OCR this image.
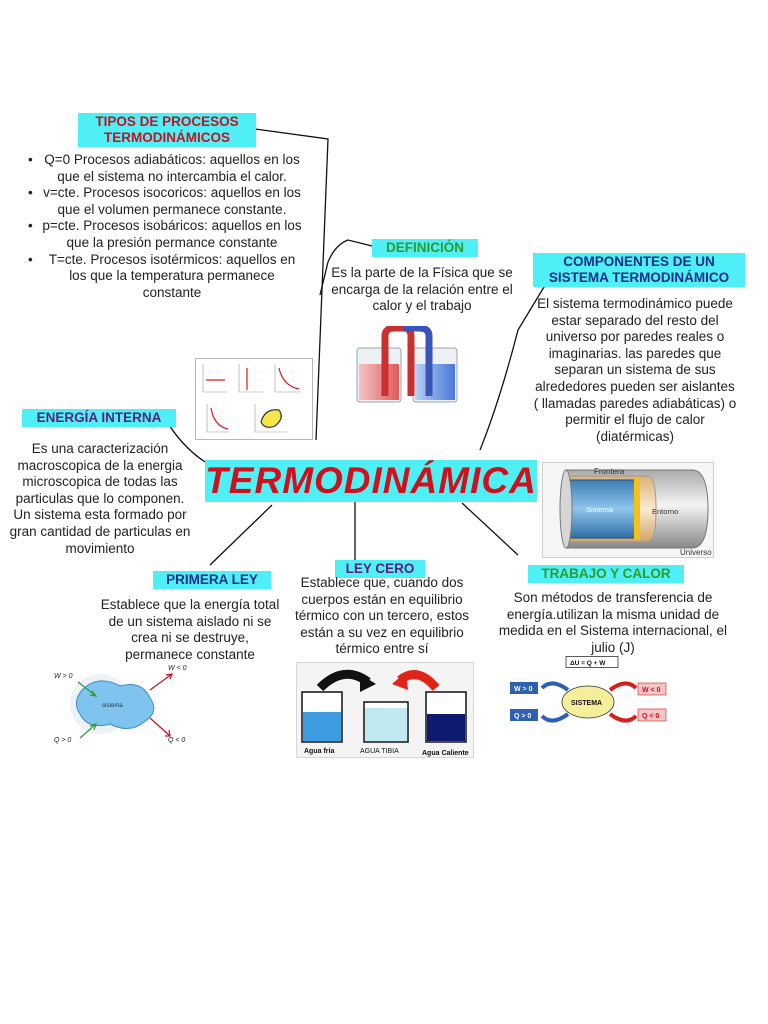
TIPOS DE PROCESOS TERMODINÁMICOS
• Q=0 Procesos adiabáticos: aquellos en los que el sistema no intercambia el calor.
• v=cte. Procesos isocoricos: aquellos en los que el volumen permanece constante.
• p=cte. Procesos isobáricos: aquellos en los que la presión permance constante
• T=cte. Procesos isotérmicos: aquellos en los que la temperatura permanece constante
DEFINICIÓN
Es la parte de la Física que se encarga de la relación entre el calor y el trabajo
COMPONENTES DE UN SISTEMA TERMODINÁMICO
El sistema termodinámico puede estar separado del resto del universo por paredes reales o imaginarias. las paredes que separan un sistema de sus alrededores pueden ser aislantes ( llamadas paredes adiabáticas) o permitir el flujo de calor (diatérmicas)
Frontera
Sistema	Entorno
Universo
ENERGÍA INTERNA
Es una caracterización macroscopica de la energia microscopica de todas las particulas que lo componen. Un sistema esta formado por gran cantidad de particulas en movimiento
TERMODINÁMICA
PRIMERA LEY
Establece que la energía total de un sistema aislado ni se crea ni se destruye, permanece constante
sistema
W > 0
W < 0
Q > 0	Q < 0
LEY CERO
Establece que, cuando dos cuerpos están en equilibrio térmico con un tercero, estos están a su vez en equilibrio térmico entre sí
Agua fría	AGUA TIBIA	Agua Caliente
TRABAJO Y CALOR
Son métodos de transferencia de energía.utilizan la misma unidad de medida en el Sistema internacional, el julio (J)
ΔU = Q + W
W > 0
Q > 0
SISTEMA
W < 0
Q < 0
